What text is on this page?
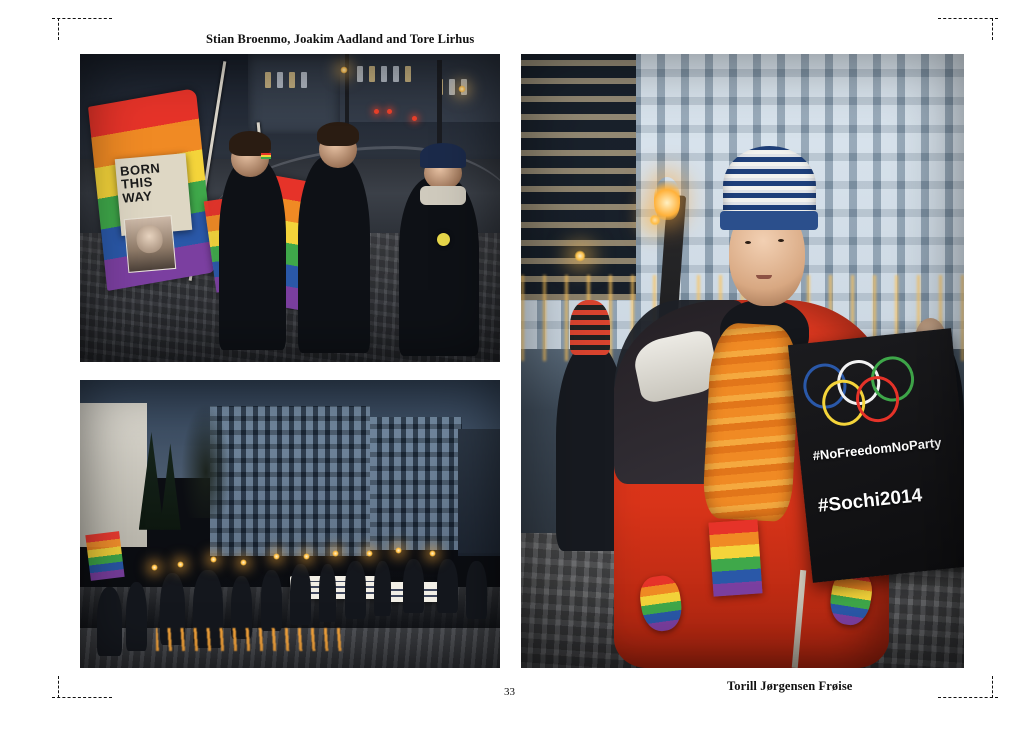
Stian Broenmo, Joakim Aadland and Tore Lirhus
BORN
THIS
WAY
#NoFreedomNoParty
#Sochi2014
Torill Jørgensen Frøise
33
